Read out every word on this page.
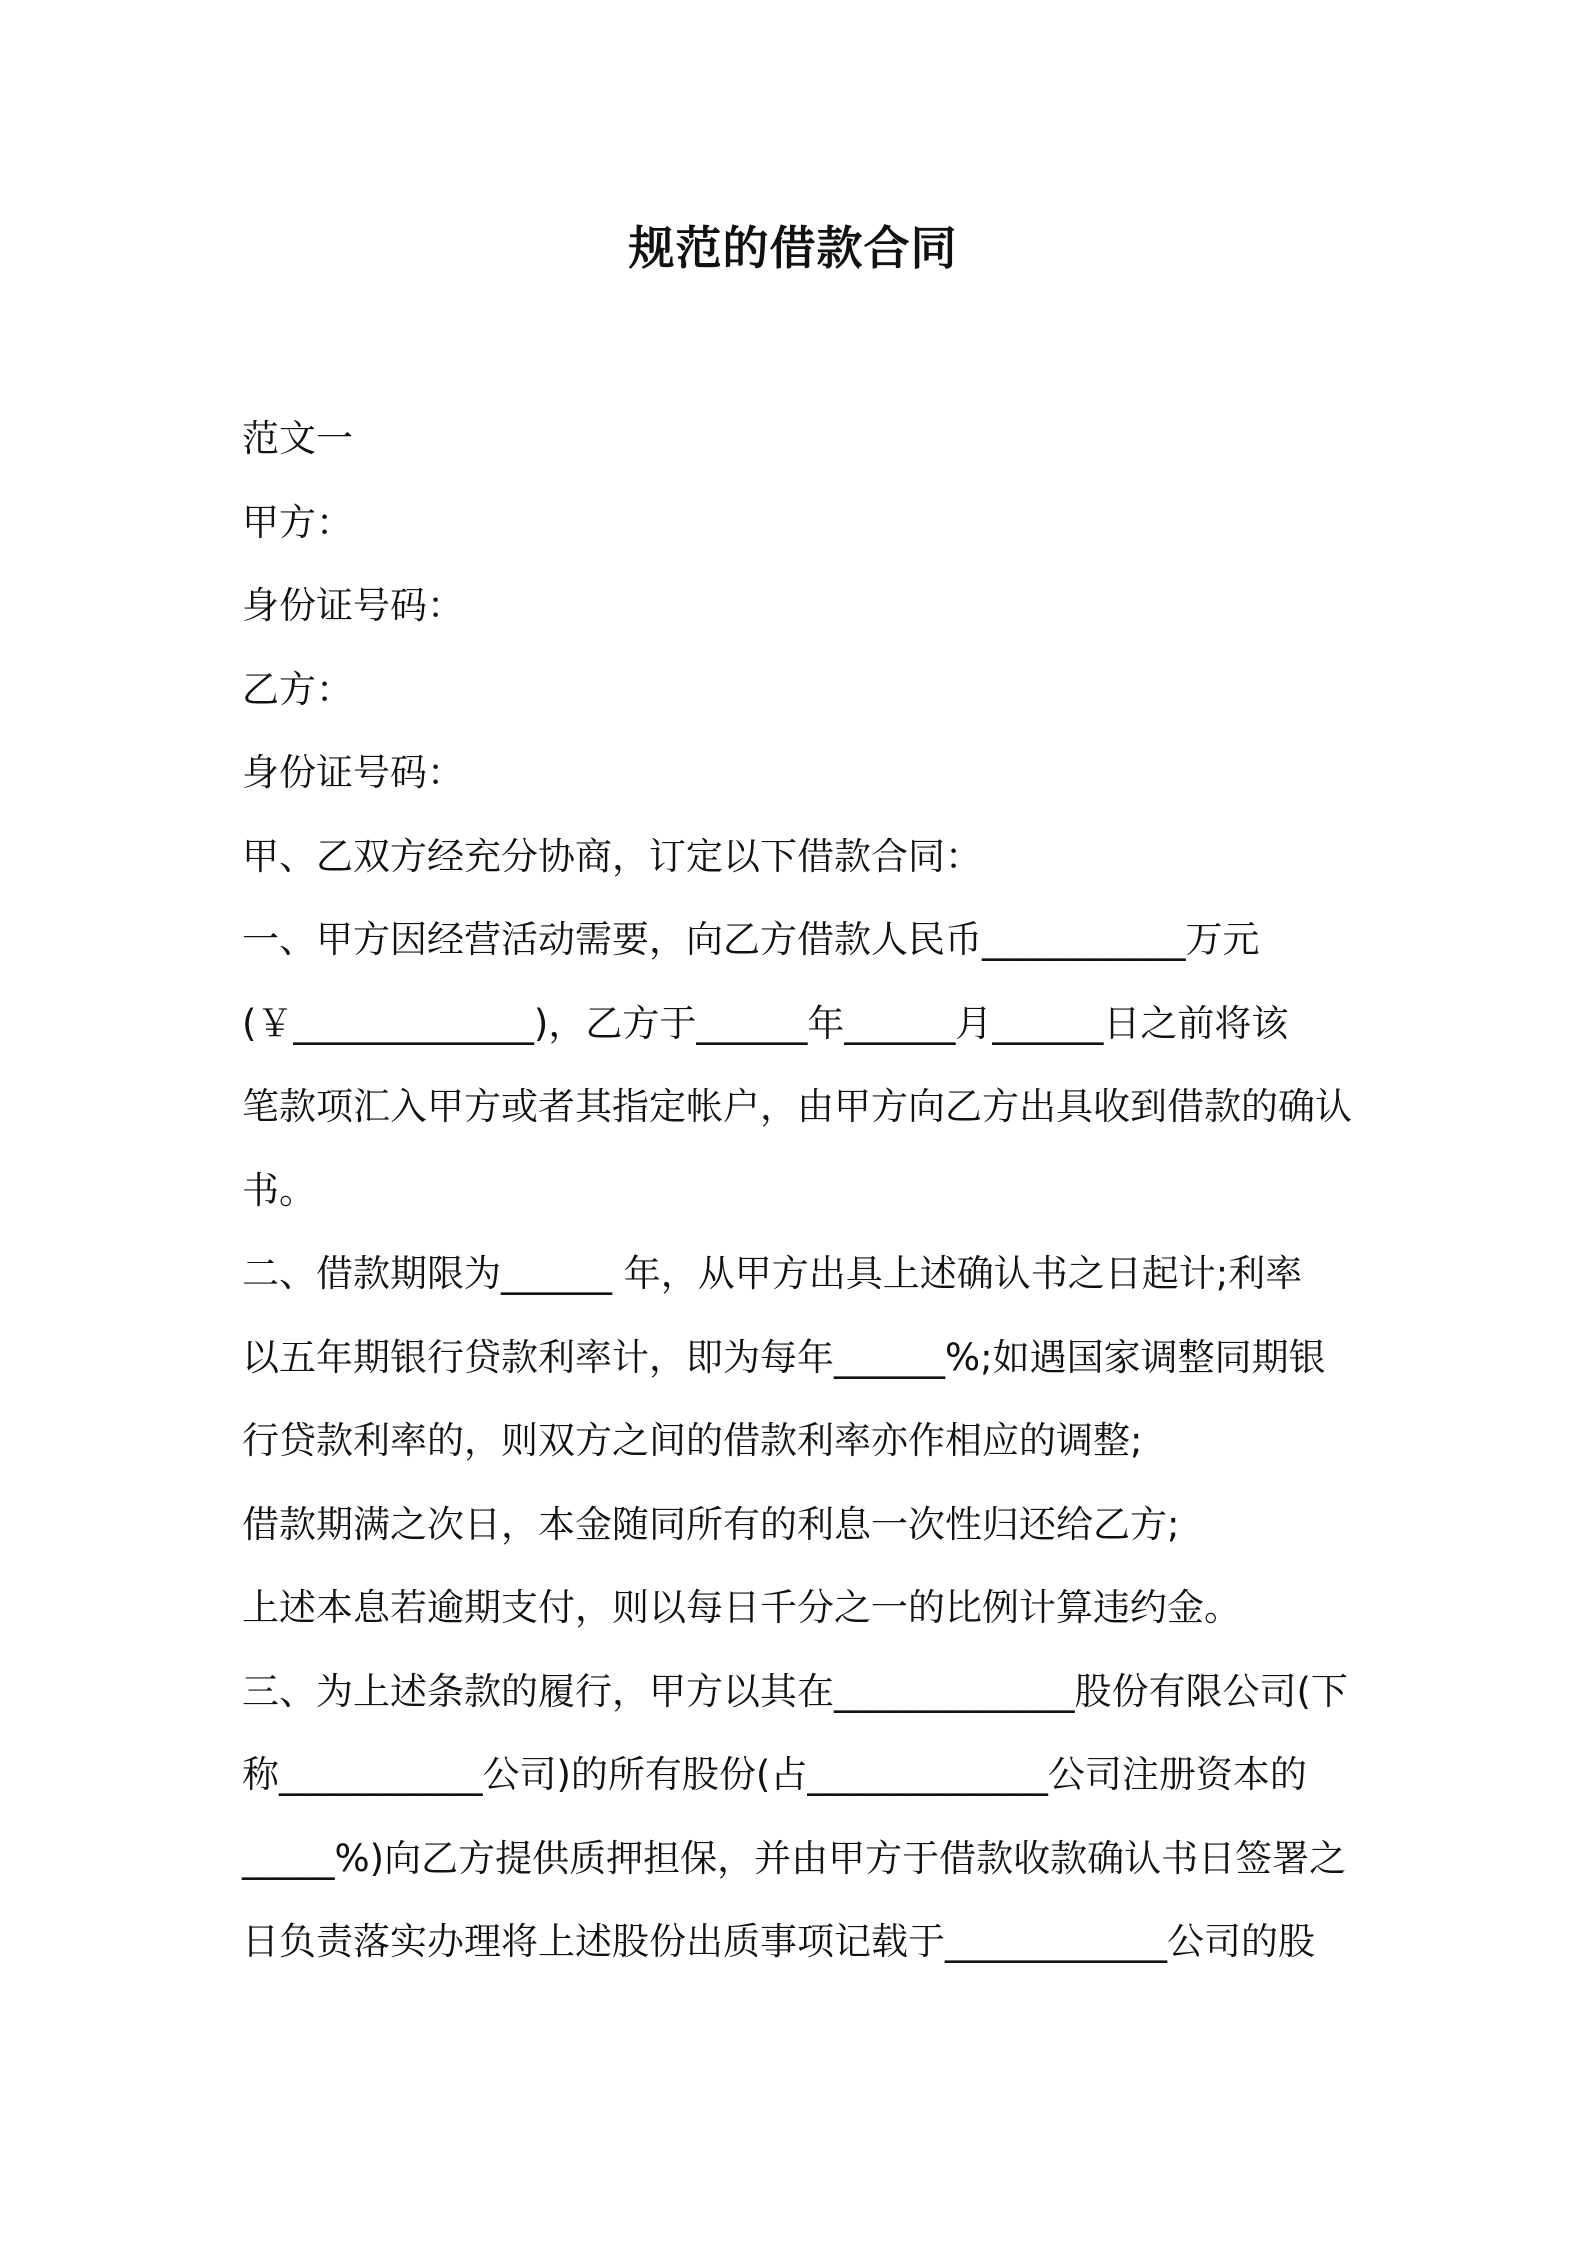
规范的借款合同
范文一
甲方：
身份证号码：
乙方：
身份证号码：
甲、乙双方经充分协商，订定以下借款合同：
一、甲方因经营活动需要，向乙方借款人民币___________万元
(￥_____________)，乙方于______年______月______日之前将该
笔款项汇入甲方或者其指定帐户，由甲方向乙方出具收到借款的确认
书。
二、借款期限为______ 年，从甲方出具上述确认书之日起计;利率
以五年期银行贷款利率计，即为每年______%;如遇国家调整同期银
行贷款利率的，则双方之间的借款利率亦作相应的调整;
借款期满之次日，本金随同所有的利息一次性归还给乙方;
上述本息若逾期支付，则以每日千分之一的比例计算违约金。
三、为上述条款的履行，甲方以其在_____________股份有限公司(下
称___________公司)的所有股份(占_____________公司注册资本的
_____%)向乙方提供质押担保，并由甲方于借款收款确认书日签署之
日负责落实办理将上述股份出质事项记载于____________公司的股
